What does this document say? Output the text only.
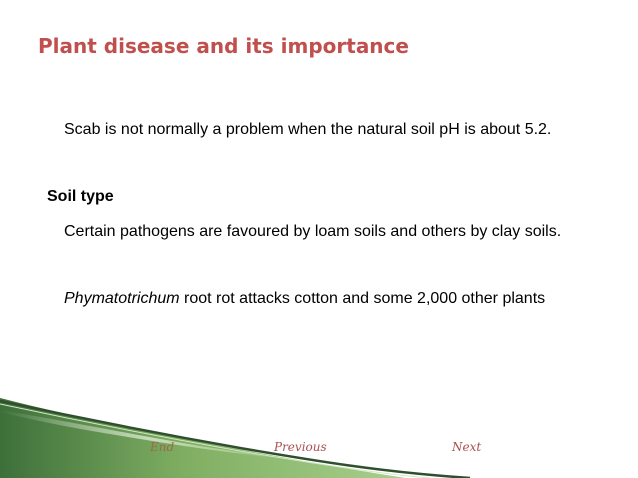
Plant disease and its importance

Scab is not normally a problem when the natural soil pH is about 5.2.

Soil type

Certain pathogens are favoured by loam soils and others by clay soils.

Phymatotrichum root rot attacks cotton and some 2,000 other plants

End	Previous	Next
